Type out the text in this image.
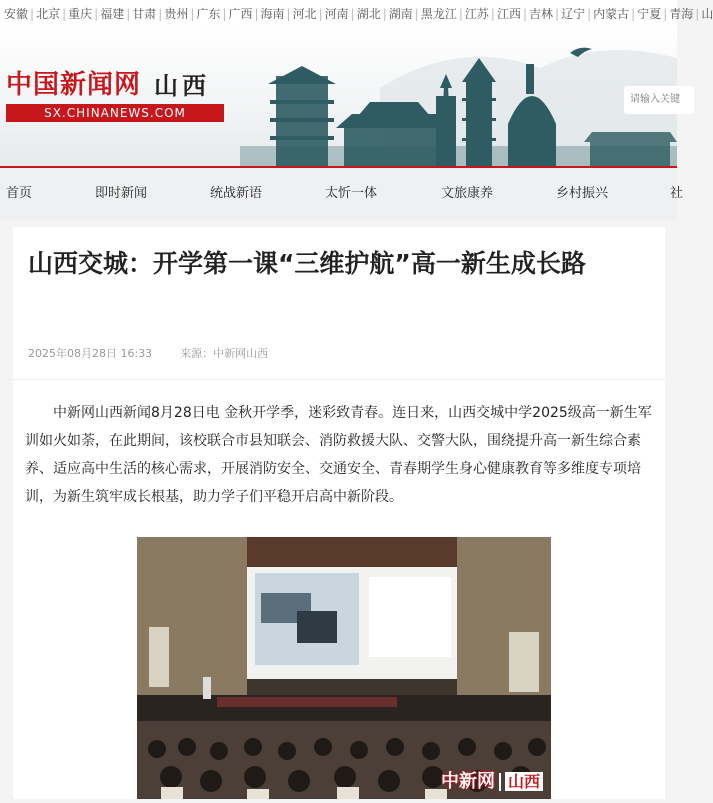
安徽 | 北京 | 重庆 | 福建 | 甘肃 | 贵州 | 广东 | 广西 | 海南 | 河北 | 河南 | 湖北 | 湖南 | 黑龙江 | 江苏 | 江西 | 吉林 | 辽宁 | 内蒙古 | 宁夏 | 青海 | 山
中国新闻网 山西
SX.CHINANEWS.COM
请输入关键
首页	即时新闻	统战新语	太忻一体	文旅康养	乡村振兴	社
山西交城：开学第一课“三维护航”高一新生成长路
2025年08月28日 16:33	来源：中新网山西
中新网山西新闻8月28日电 金秋开学季，迷彩致青春。连日来，山西交城中学2025级高一新生军训如火如荼，在此期间，该校联合市县知联会、消防救援大队、交警大队，围绕提升高一新生综合素养、适应高中生活的核心需求，开展消防安全、交通安全、青春期学生身心健康教育等多维度专项培训，为新生筑牢成长根基，助力学子们平稳开启高中新阶段。
中新网 山西
